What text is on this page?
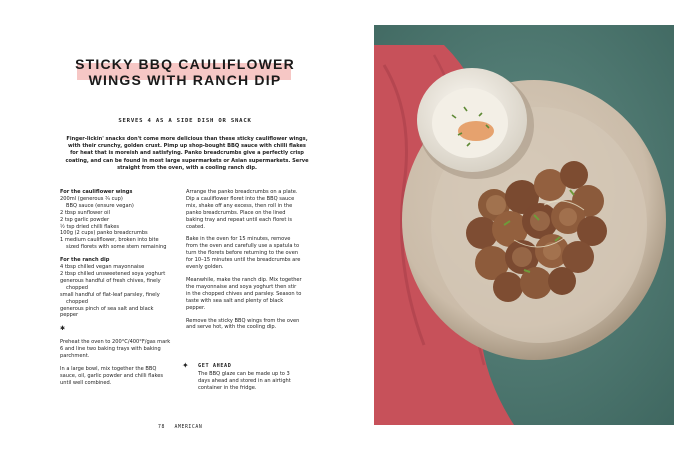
STICKY BBQ CAULIFLOWER
WINGS WITH RANCH DIP
SERVES 4 AS A SIDE DISH OR SNACK
Finger-lickin' snacks don't come more delicious than these sticky cauliflower wings, with their crunchy, golden crust. Pimp up shop-bought BBQ sauce with chilli flakes for heat that is moreish and satisfying. Panko breadcrumbs give a perfectly crisp coating, and can be found in most large supermarkets or Asian supermarkets. Serve straight from the oven, with a cooling ranch dip.
For the cauliflower wings
200ml (generous ¾ cup)
BBQ sauce (ensure vegan)
2 tbsp sunflower oil
2 tsp garlic powder
½ tsp dried chilli flakes
100g (2 cups) panko breadcrumbs
1 medium cauliflower, broken into bite
sized florets with some stem remaining
For the ranch dip
4 tbsp chilled vegan mayonnaise
2 tbsp chilled unsweetened soya yoghurt
generous handful of fresh chives, finely
chopped
small handful of flat-leaf parsley, finely
chopped
generous pinch of sea salt and black pepper
✱
Preheat the oven to 200°C/400°F/gas mark 6 and line two baking trays with baking parchment.
In a large bowl, mix together the BBQ sauce, oil, garlic powder and chilli flakes until well combined.
Arrange the panko breadcrumbs on a plate. Dip a cauliflower floret into the BBQ sauce mix, shake off any excess, then roll in the panko breadcrumbs. Place on the lined baking tray and repeat until each floret is coated.
Bake in the oven for 15 minutes, remove from the oven and carefully use a spatula to turn the florets before returning to the oven for 10–15 minutes until the breadcrumbs are evenly golden.
Meanwhile, make the ranch dip. Mix together the mayonnaise and soya yoghurt then stir in the chopped chives and parsley. Season to taste with sea salt and plenty of black pepper.
Remove the sticky BBQ wings from the oven and serve hot, with the cooling dip.
✦ GET AHEAD
The BBQ glaze can be made up to 3 days ahead and stored in an airtight container in the fridge.
78 AMERICAN
